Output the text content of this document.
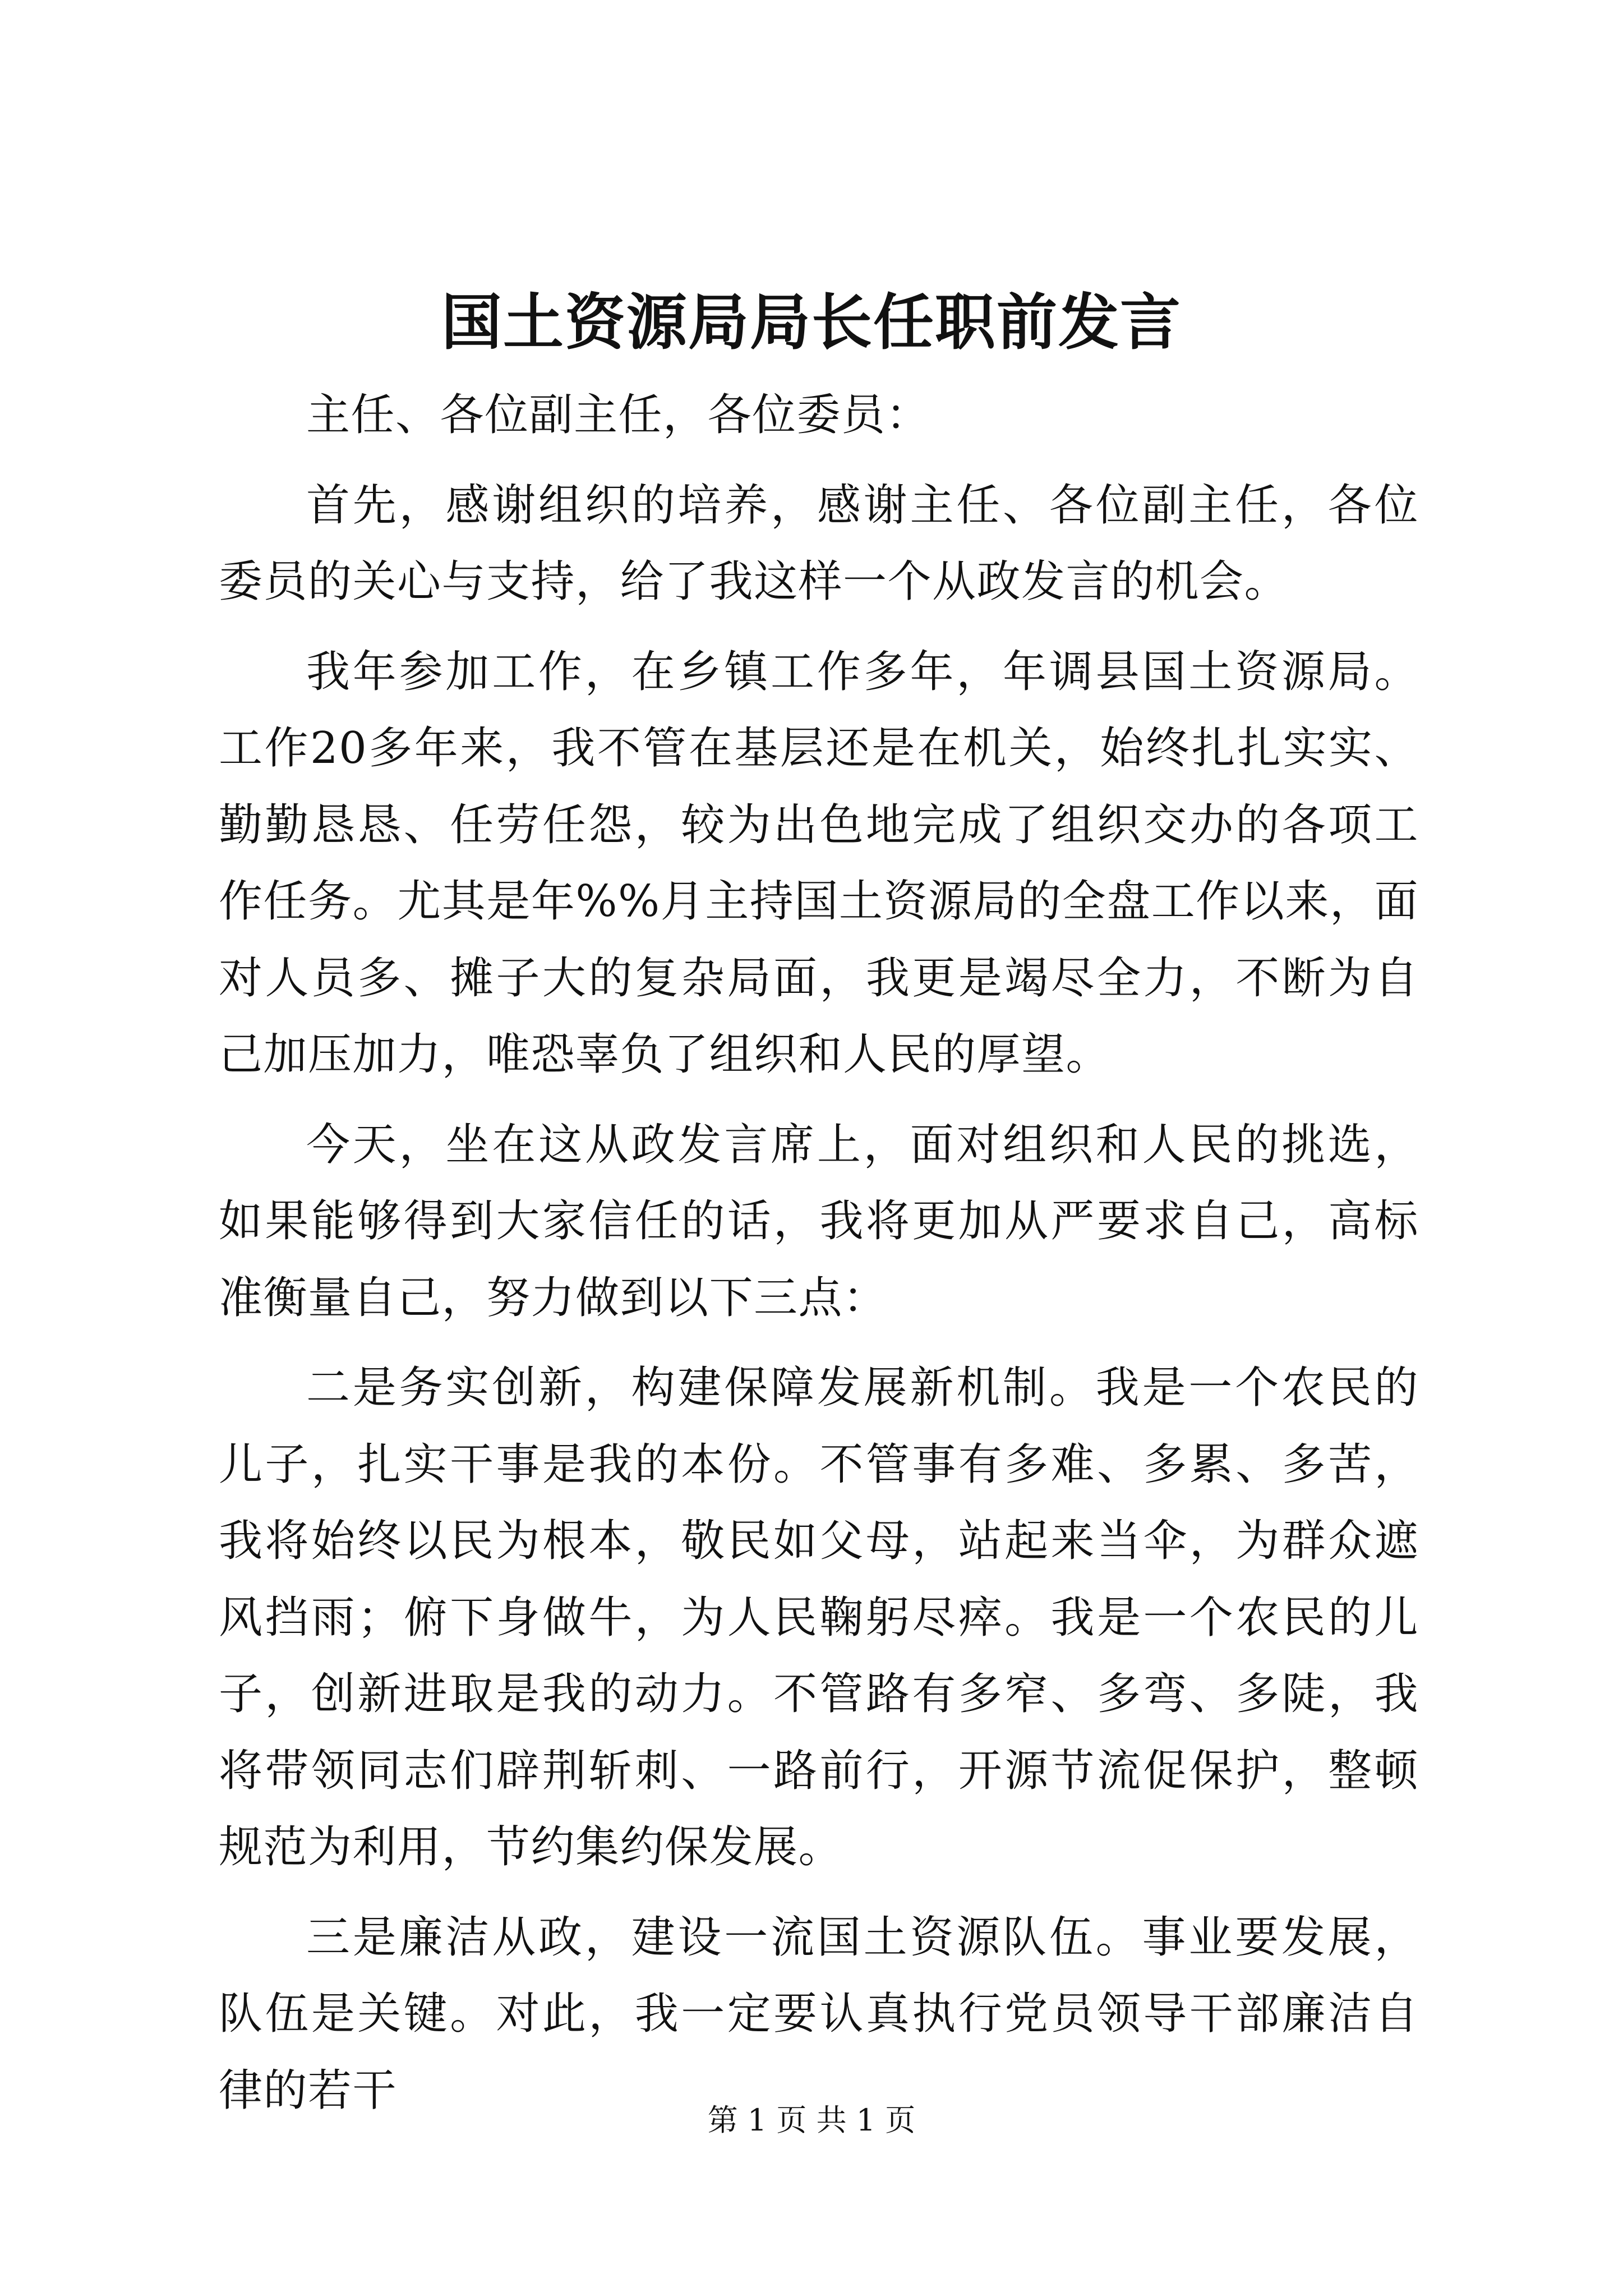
国土资源局局长任职前发言

主任、各位副主任，各位委员：

首先，感谢组织的培养，感谢主任、各位副主任，各位委员的关心与支持，给了我这样一个从政发言的机会。

我年参加工作，在乡镇工作多年，年调县国土资源局。工作20多年来，我不管在基层还是在机关，始终扎扎实实、勤勤恳恳、任劳任怨，较为出色地完成了组织交办的各项工作任务。尤其是年%%月主持国土资源局的全盘工作以来，面对人员多、摊子大的复杂局面，我更是竭尽全力，不断为自己加压加力，唯恐辜负了组织和人民的厚望。

今天，坐在这从政发言席上，面对组织和人民的挑选，如果能够得到大家信任的话，我将更加从严要求自己，高标准衡量自己，努力做到以下三点：

二是务实创新，构建保障发展新机制。我是一个农民的儿子，扎实干事是我的本份。不管事有多难、多累、多苦，我将始终以民为根本，敬民如父母，站起来当伞，为群众遮风挡雨；俯下身做牛，为人民鞠躬尽瘁。我是一个农民的儿子，创新进取是我的动力。不管路有多窄、多弯、多陡，我将带领同志们辟荆斩刺、一路前行，开源节流促保护，整顿规范为利用，节约集约保发展。

三是廉洁从政，建设一流国土资源队伍。事业要发展，队伍是关键。对此，我一定要认真执行党员领导干部廉洁自律的若干

第 1 页 共 1 页
